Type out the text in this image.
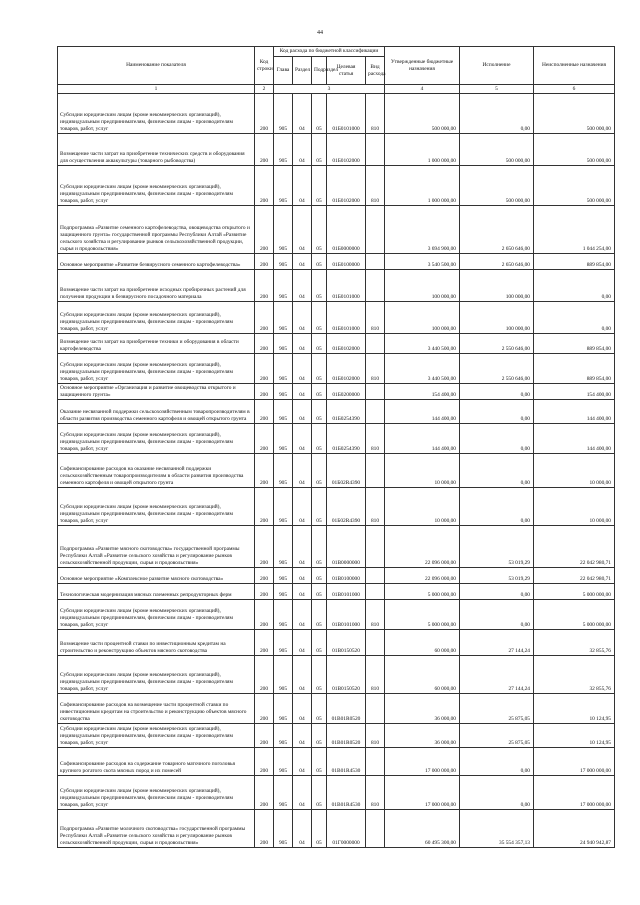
44
Наименование показателя	Код строки	Код расхода по бюджетной классификации					Утвержденные бюджетные назначения	Исполнение	Неисполненные назначения
		Глава	Раздел	Подраздел	Целевая статья	Вид расхода			
1	2	3					4	5	6
Субсидии юридическим лицам (кроме некоммерческих организаций), индивидуальным предпринимателям, физическим лицам - производителям товаров, работ, услуг	200	905	04	05	01Б0101000	810	500 000,00	0,00	500 000,00
Возмещение части затрат на приобретение технических средств и оборудования для осуществления аквакультуры (товарного рыбоводства)	200	905	04	05	01Б0102000		1 000 000,00	500 000,00	500 000,00
Субсидии юридическим лицам (кроме некоммерческих организаций), индивидуальным предпринимателям, физическим лицам - производителям товаров, работ, услуг	200	905	04	05	01Б0102000	810	1 000 000,00	500 000,00	500 000,00
Подпрограмма «Развитие семенного картофелеводства, овощеводства открытого и защищенного грунта» государственной программы Республики Алтай «Развитие сельского хозяйства и регулирование рынков сельскохозяйственной продукции, сырья и продовольствия»	200	905	04	05	01Б0000000		3 694 900,00	2 650 646,00	1 044 254,00
Основное мероприятие «Развитие безвирусного семенного картофелеводства»	200	905	04	05	01Б0100000		3 540 500,00	2 650 646,00	889 854,00
Возмещение части затрат на приобретение исходных пробирочных растений для получения продукции в безвирусного посадочного материала	200	905	04	05	01Б0101000		100 000,00	100 000,00	0,00
Субсидии юридическим лицам (кроме некоммерческих организаций), индивидуальным предпринимателям, физическим лицам - производителям товаров, работ, услуг	200	905	04	05	01Б0101000	810	100 000,00	100 000,00	0,00
Возмещение части затрат на приобретение техники и оборудования в области картофелеводства	200	905	04	05	01Б0102000		3 440 500,00	2 550 646,00	889 854,00
Субсидии юридическим лицам (кроме некоммерческих организаций), индивидуальным предпринимателям, физическим лицам - производителям товаров, работ, услуг	200	905	04	05	01Б0102000	810	3 440 500,00	2 550 646,00	889 854,00
Основное мероприятие «Организация и развитие овощеводства открытого и защищенного грунта»	200	905	04	05	01Б0200000		154 400,00	0,00	154 400,00
Оказание несвязанной поддержки сельскохозяйственным товаропроизводителям в области развития производства семенного картофеля и овощей открытого грунта	200	905	04	05	01Б0254390		144 400,00	0,00	144 400,00
Субсидии юридическим лицам (кроме некоммерческих организаций), индивидуальным предпринимателям, физическим лицам - производителям товаров, работ, услуг	200	905	04	05	01Б0254390	810	144 400,00	0,00	144 400,00
Софинансирование расходов на оказание несвязанной поддержки сельскохозяйственным товаропроизводителям в области развития производства семенного картофеля и овощей открытого грунта	200	905	04	05	01Б02R4390		10 000,00	0,00	10 000,00
Субсидии юридическим лицам (кроме некоммерческих организаций), индивидуальным предпринимателям, физическим лицам - производителям товаров, работ, услуг	200	905	04	05	01Б02R4390	810	10 000,00	0,00	10 000,00
Подпрограмма «Развитие мясного скотоводства» государственной программы Республики Алтай «Развитие сельского хозяйства и регулирование рынков сельскохозяйственной продукции, сырья и продовольствия»	200	905	04	05	01В0000000		22 096 000,00	53 019,29	22 042 980,71
Основное мероприятие «Комплексное развитие мясного скотоводства»	200	905	04	05	01В0100000		22 096 000,00	53 019,29	22 042 980,71
Технологическая модернизация мясных племенных репродукторных ферм	200	905	04	05	01В0101000		5 000 000,00	0,00	5 000 000,00
Субсидии юридическим лицам (кроме некоммерческих организаций), индивидуальным предпринимателям, физическим лицам - производителям товаров, работ, услуг	200	905	04	05	01В0101000	810	5 000 000,00	0,00	5 000 000,00
Возмещение части процентной ставки по инвестиционным кредитам на строительство и реконструкцию объектов мясного скотоводства	200	905	04	05	01В0150520		60 000,00	27 144,24	32 855,76
Субсидии юридическим лицам (кроме некоммерческих организаций), индивидуальным предпринимателям, физическим лицам - производителям товаров, работ, услуг	200	905	04	05	01В0150520	810	60 000,00	27 144,24	32 855,76
Софинансирование расходов на возмещение части процентной ставки по инвестиционным кредитам на строительство и реконструкцию объектов мясного скотоводства	200	905	04	05	01В01R0520		36 000,00	25 875,05	10 124,95
Субсидии юридическим лицам (кроме некоммерческих организаций), индивидуальным предпринимателям, физическим лицам - производителям товаров, работ, услуг	200	905	04	05	01В01R0520	810	36 000,00	25 875,05	10 124,95
Софинансирование расходов на содержание товарного маточного поголовья крупного рогатого скота мясных пород и их помесей	200	905	04	05	01В01R4530		17 000 000,00	0,00	17 000 000,00
Субсидии юридическим лицам (кроме некоммерческих организаций), индивидуальным предпринимателям, физическим лицам - производителям товаров, работ, услуг	200	905	04	05	01В01R4530	810	17 000 000,00	0,00	17 000 000,00
Подпрограмма «Развитие молочного скотоводства» государственной программы Республики Алтай «Развитие сельского хозяйства и регулирование рынков сельскохозяйственной продукции, сырья и продовольствия»	200	905	04	05	01Г0000000		60 495 300,00	35 554 357,13	24 940 942,87
